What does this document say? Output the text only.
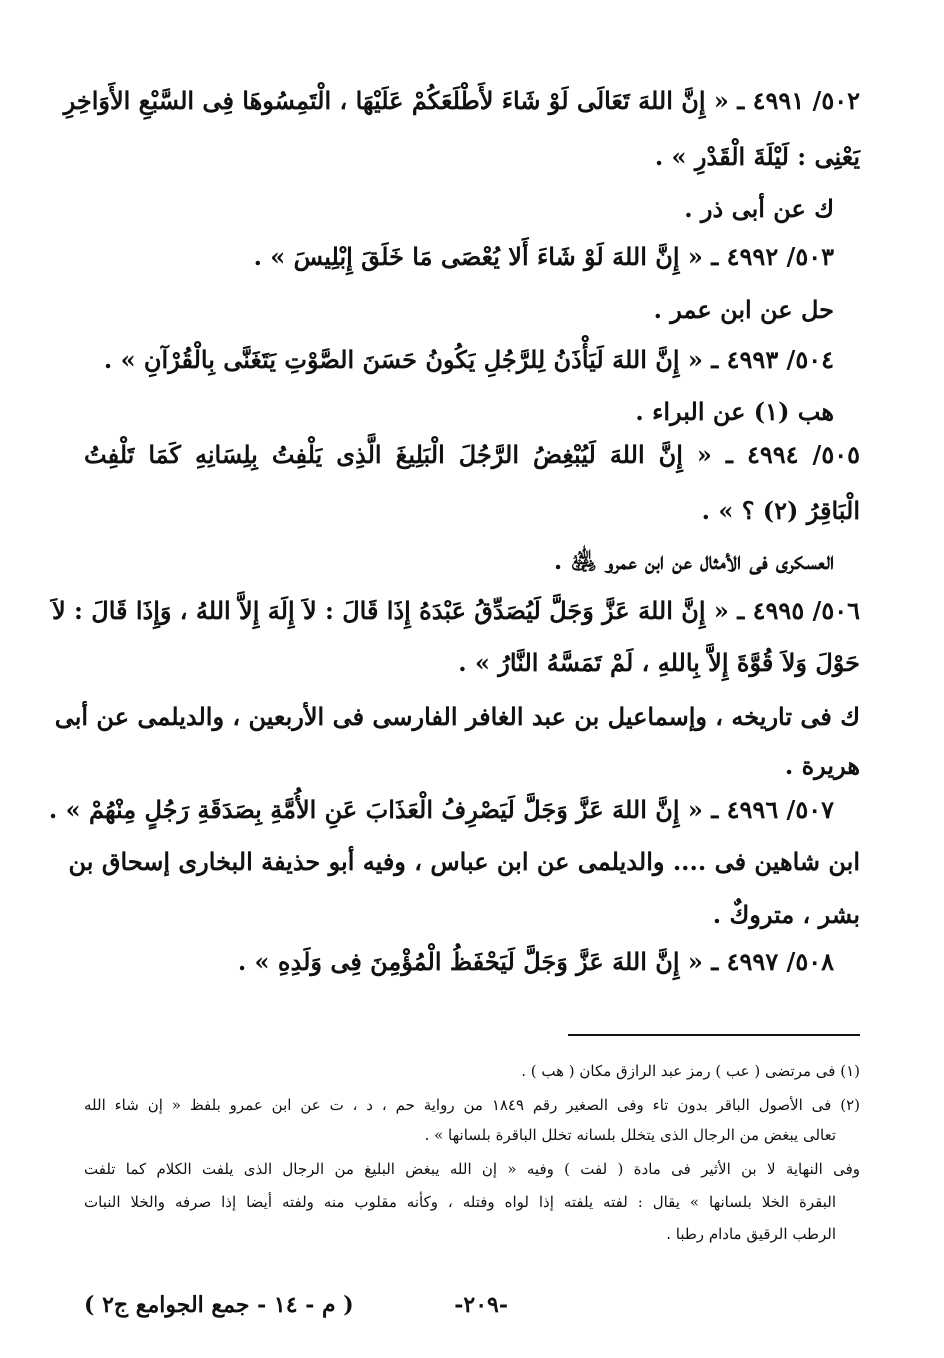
٥٠٢/ ٤٩٩١ ـ « إِنَّ اللهَ تَعَالَى لَوْ شَاءَ لأَطْلَعَكُمْ عَلَيْهَا ، الْتَمِسُوهَا فِى السَّبْعِ الأَوَاخِرِ
يَعْنِى : لَيْلَةَ الْقَدْرِ » .
ك عن أبى ذر .
٥٠٣/ ٤٩٩٢ ـ « إِنَّ اللهَ لَوْ شَاءَ أَلا يُعْصَى مَا خَلَقَ إِبْلِيسَ » .
حل عن ابن عمر .
٥٠٤/ ٤٩٩٣ ـ « إِنَّ اللهَ لَيَأْذَنُ لِلرَّجُلِ يَكُونُ حَسَنَ الصَّوْتِ يَتَغَنَّى بِالْقُرْآنِ » .
هب (١) عن البراء .
٥٠٥/ ٤٩٩٤ ـ « إِنَّ اللهَ لَيُبْغِضُ الرَّجُلَ الْبَلِيغَ الَّذِى يَلْفِتُ بِلِسَانِهِ كَمَا تَلْفِتُ
الْبَاقِرُ (٢) ؟ » .
العسكرى فى الأمثال عن ابن عمرو ﵁ .
٥٠٦/ ٤٩٩٥ ـ « إِنَّ اللهَ عَزَّ وَجَلَّ لَيُصَدِّقُ عَبْدَهُ إِذَا قَالَ : لاَ إِلَهَ إِلاَّ اللهُ ، وَإِذَا قَالَ : لاَ
حَوْلَ وَلاَ قُوَّةَ إِلاَّ بِاللهِ ، لَمْ تَمَسَّهُ النَّارُ » .
ك فى تاريخه ، وإسماعيل بن عبد الغافر الفارسى فى الأربعين ، والديلمى عن أبى
هريرة .
٥٠٧/ ٤٩٩٦ ـ « إِنَّ اللهَ عَزَّ وَجَلَّ لَيَصْرِفُ الْعَذَابَ عَنِ الأُمَّةِ بِصَدَقَةِ رَجُلٍ مِنْهُمْ » .
ابن شاهين فى .... والديلمى عن ابن عباس ، وفيه أبو حذيفة البخارى إسحاق بن
بشر ، متروكٌ .
٥٠٨/ ٤٩٩٧ ـ « إِنَّ اللهَ عَزَّ وَجَلَّ لَيَحْفَظُ الْمُؤْمِنَ فِى وَلَدِهِ » .
(١) فى مرتضى ( عب ) رمز عبد الرازق مكان ( هب ) .
(٢) فى الأصول الباقر بدون تاء وفى الصغير رقم ١٨٤٩ من رواية حم ، د ، ت عن ابن عمرو بلفظ « إن شاء الله
تعالى يبغض من الرجال الذى يتخلل بلسانه تخلل الباقرة بلسانها » .
وفى النهاية لا بن الأثير فى مادة ( لفت ) وفيه « إن الله يبغض البليغ من الرجال الذى يلفت الكلام كما تلفت
البقرة الخلا بلسانها » يقال : لفته يلفته إذا لواه وفتله ، وكأنه مقلوب منه ولفته أيضا إذا صرفه والخلا النبات
الرطب الرقيق مادام رطبا .
-٢٠٩-
( م - ١٤ - جمع الجوامع ج٢ )
